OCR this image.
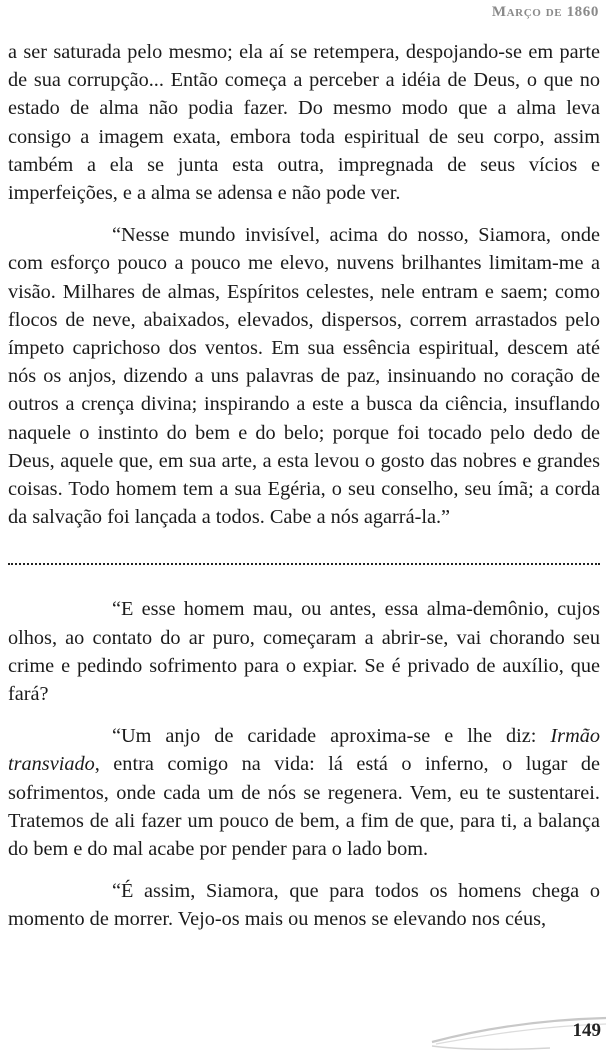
Março de 1860

a ser saturada pelo mesmo; ela aí se retempera, despojando-se em parte de sua corrupção... Então começa a perceber a idéia de Deus, o que no estado de alma não podia fazer. Do mesmo modo que a alma leva consigo a imagem exata, embora toda espiritual de seu corpo, assim também a ela se junta esta outra, impregnada de seus vícios e imperfeições, e a alma se adensa e não pode ver.

“Nesse mundo invisível, acima do nosso, Siamora, onde com esforço pouco a pouco me elevo, nuvens brilhantes limitam-me a visão. Milhares de almas, Espíritos celestes, nele entram e saem; como flocos de neve, abaixados, elevados, dispersos, correm arrastados pelo ímpeto caprichoso dos ventos. Em sua essência espiritual, descem até nós os anjos, dizendo a uns palavras de paz, insinuando no coração de outros a crença divina; inspirando a este a busca da ciência, insuflando naquele o instinto do bem e do belo; porque foi tocado pelo dedo de Deus, aquele que, em sua arte, a esta levou o gosto das nobres e grandes coisas. Todo homem tem a sua Egéria, o seu conselho, seu ímã; a corda da salvação foi lançada a todos. Cabe a nós agarrá-la.”

“E esse homem mau, ou antes, essa alma-demônio, cujos olhos, ao contato do ar puro, começaram a abrir-se, vai chorando seu crime e pedindo sofrimento para o expiar. Se é privado de auxílio, que fará?

“Um anjo de caridade aproxima-se e lhe diz: Irmão transviado, entra comigo na vida: lá está o inferno, o lugar de sofrimentos, onde cada um de nós se regenera. Vem, eu te sustentarei. Tratemos de ali fazer um pouco de bem, a fim de que, para ti, a balança do bem e do mal acabe por pender para o lado bom.

“É assim, Siamora, que para todos os homens chega o momento de morrer. Vejo-os mais ou menos se elevando nos céus,

149
